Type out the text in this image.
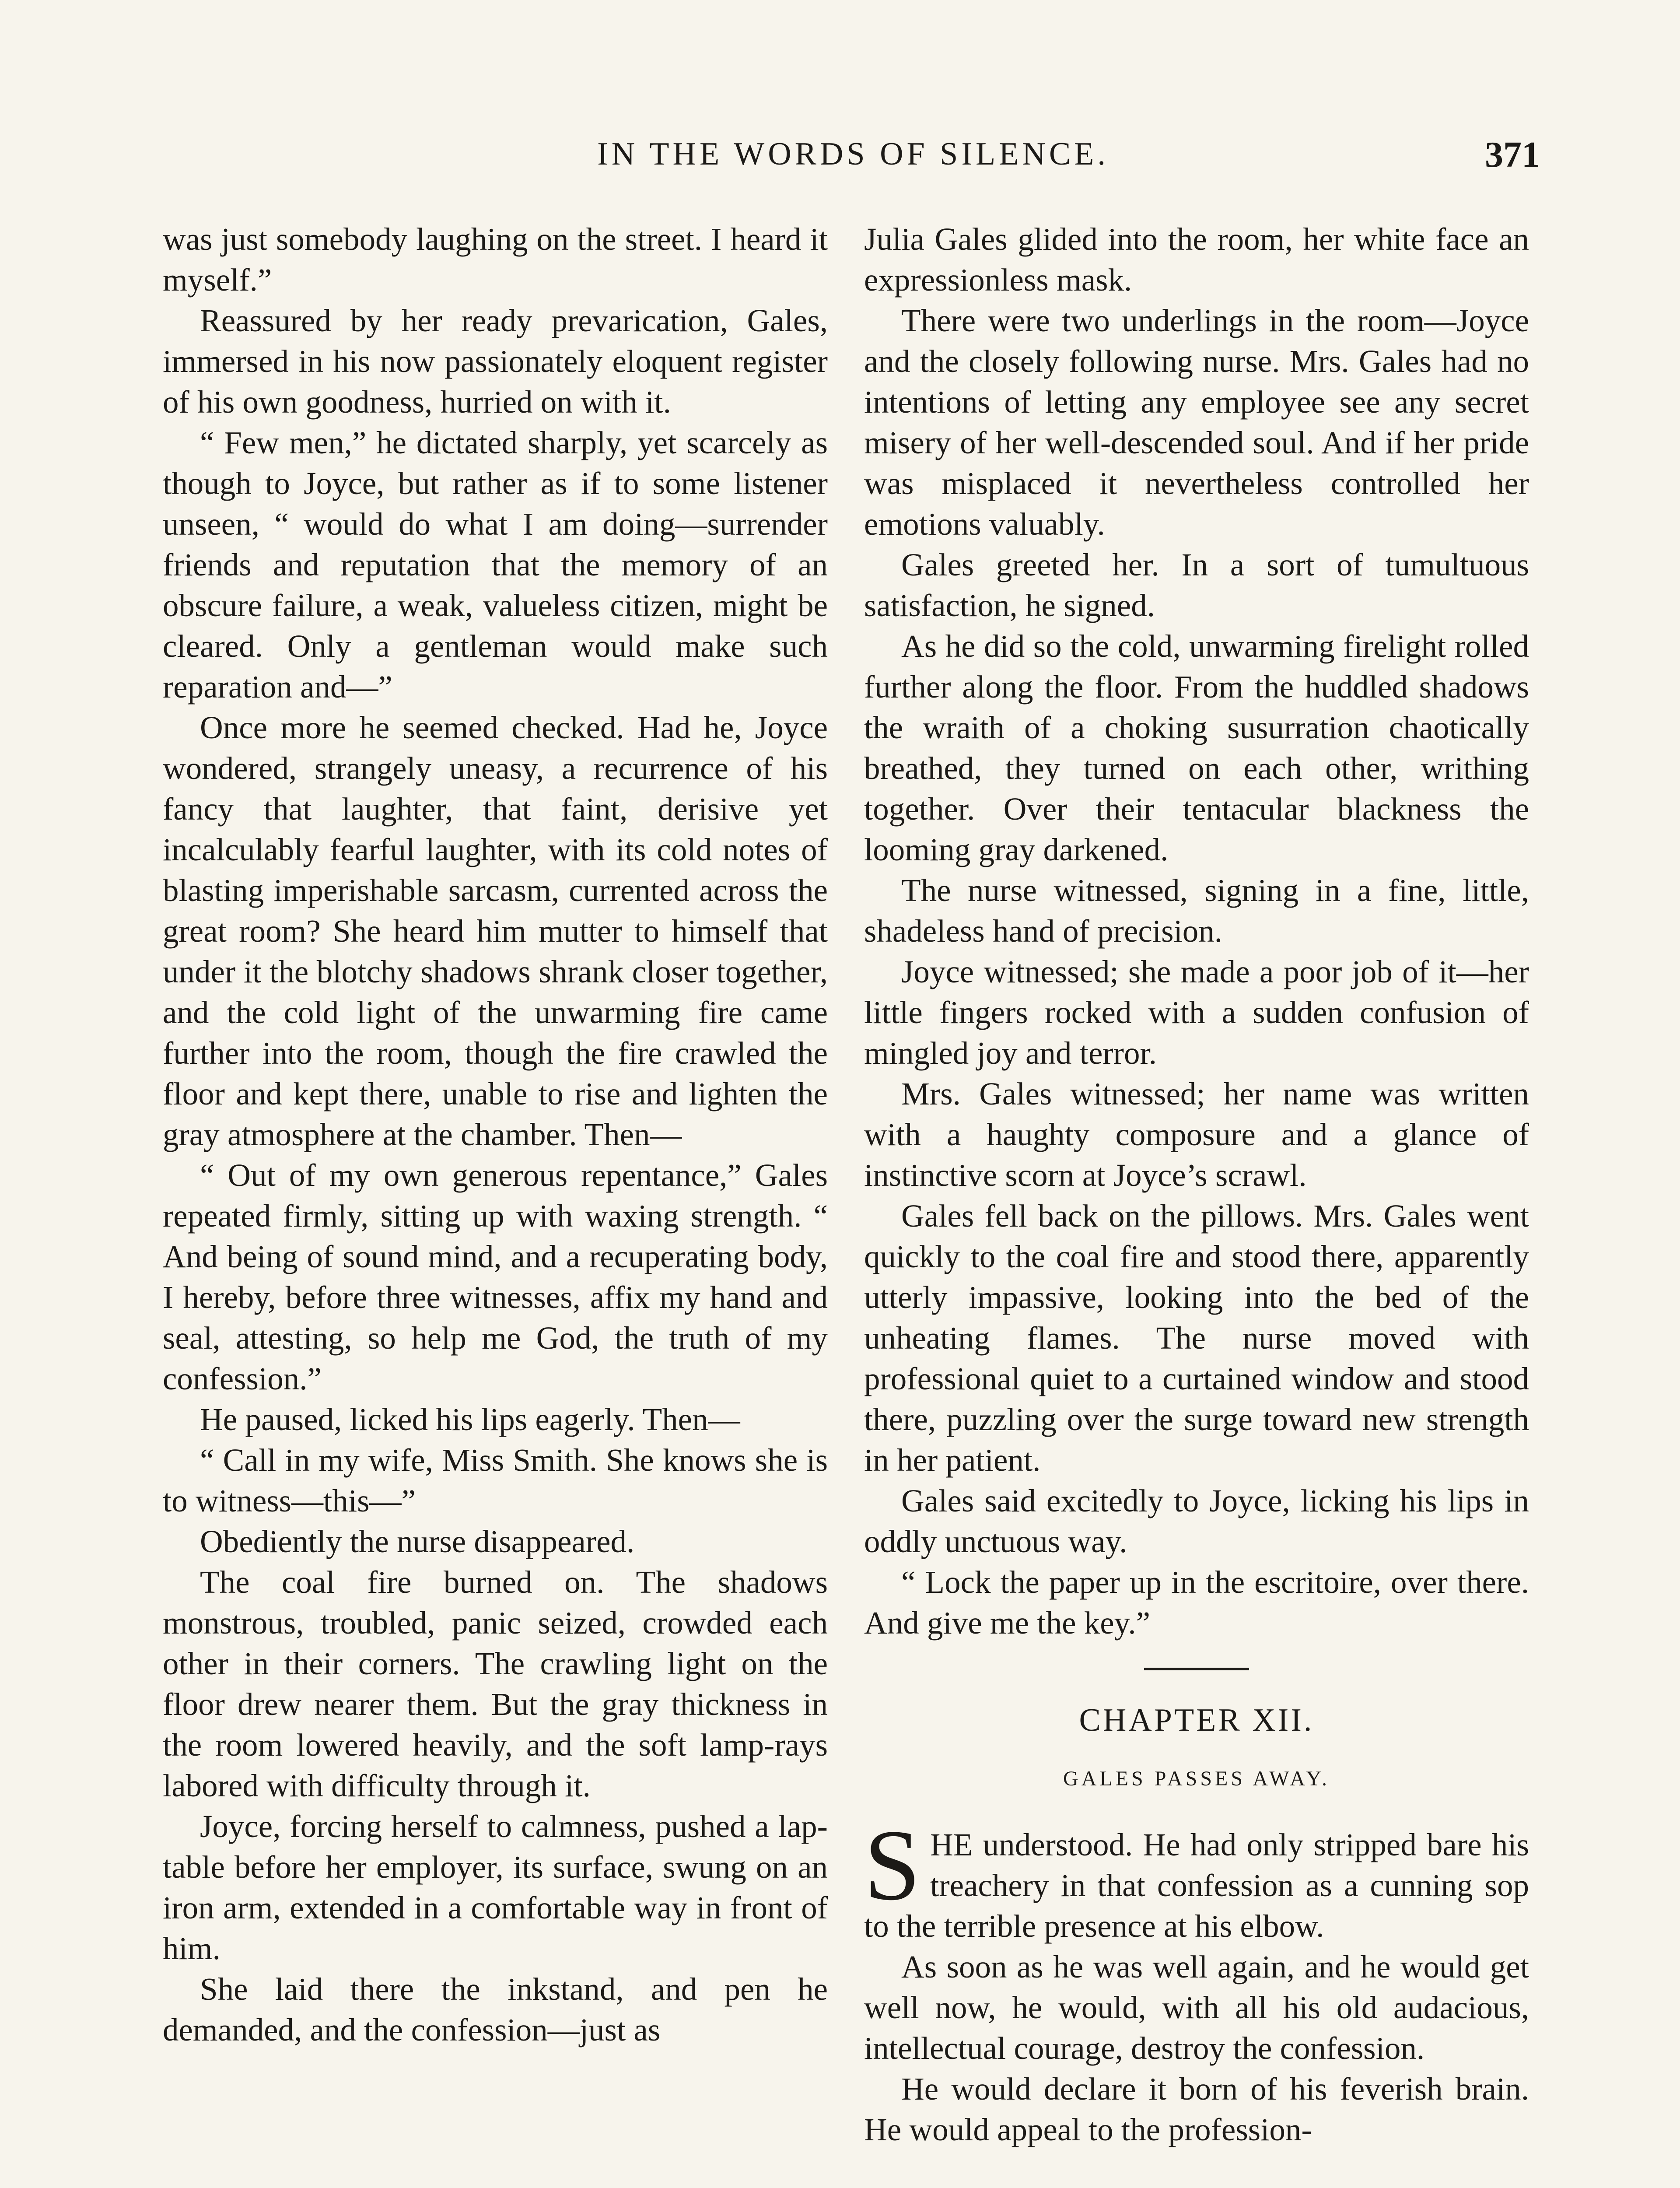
IN THE WORDS OF SILENCE.	371

was just somebody laughing on the street. I heard it myself.”

Reassured by her ready prevarication, Gales, immersed in his now passionately eloquent register of his own goodness, hurried on with it.

“ Few men,” he dictated sharply, yet scarcely as though to Joyce, but rather as if to some listener unseen, “ would do what I am doing—surrender friends and reputation that the memory of an obscure failure, a weak, valueless citizen, might be cleared. Only a gentleman would make such reparation and—”

Once more he seemed checked. Had he, Joyce wondered, strangely uneasy, a recurrence of his fancy that laughter, that faint, derisive yet incalculably fearful laughter, with its cold notes of blasting imperishable sarcasm, currented across the great room? She heard him mutter to himself that under it the blotchy shadows shrank closer together, and the cold light of the unwarming fire came further into the room, though the fire crawled the floor and kept there, unable to rise and lighten the gray atmosphere at the chamber. Then—

“ Out of my own generous repentance,” Gales repeated firmly, sitting up with waxing strength. “ And being of sound mind, and a recuperating body, I hereby, before three witnesses, affix my hand and seal, attesting, so help me God, the truth of my confession.”

He paused, licked his lips eagerly. Then—

“ Call in my wife, Miss Smith. She knows she is to witness—this—”

Obediently the nurse disappeared.

The coal fire burned on. The shadows monstrous, troubled, panic seized, crowded each other in their corners. The crawling light on the floor drew nearer them. But the gray thickness in the room lowered heavily, and the soft lamp-rays labored with difficulty through it.

Joyce, forcing herself to calmness, pushed a lap-table before her employer, its surface, swung on an iron arm, extended in a comfortable way in front of him.

She laid there the inkstand, and pen he demanded, and the confession—just as

Julia Gales glided into the room, her white face an expressionless mask.

There were two underlings in the room—Joyce and the closely following nurse. Mrs. Gales had no intentions of letting any employee see any secret misery of her well-descended soul. And if her pride was misplaced it nevertheless controlled her emotions valuably.

Gales greeted her. In a sort of tumultuous satisfaction, he signed.

As he did so the cold, unwarming firelight rolled further along the floor. From the huddled shadows the wraith of a choking susurration chaotically breathed, they turned on each other, writhing together. Over their tentacular blackness the looming gray darkened.

The nurse witnessed, signing in a fine, little, shadeless hand of precision.

Joyce witnessed; she made a poor job of it—her little fingers rocked with a sudden confusion of mingled joy and terror.

Mrs. Gales witnessed; her name was written with a haughty composure and a glance of instinctive scorn at Joyce’s scrawl.

Gales fell back on the pillows. Mrs. Gales went quickly to the coal fire and stood there, apparently utterly impassive, looking into the bed of the unheating flames. The nurse moved with professional quiet to a curtained window and stood there, puzzling over the surge toward new strength in her patient.

Gales said excitedly to Joyce, licking his lips in oddly unctuous way.

“ Lock the paper up in the escritoire, over there. And give me the key.”

CHAPTER XII.
GALES PASSES AWAY.

SHE understood. He had only stripped bare his treachery in that confession as a cunning sop to the terrible presence at his elbow.

As soon as he was well again, and he would get well now, he would, with all his old audacious, intellectual courage, destroy the confession.

He would declare it born of his feverish brain. He would appeal to the profession-
